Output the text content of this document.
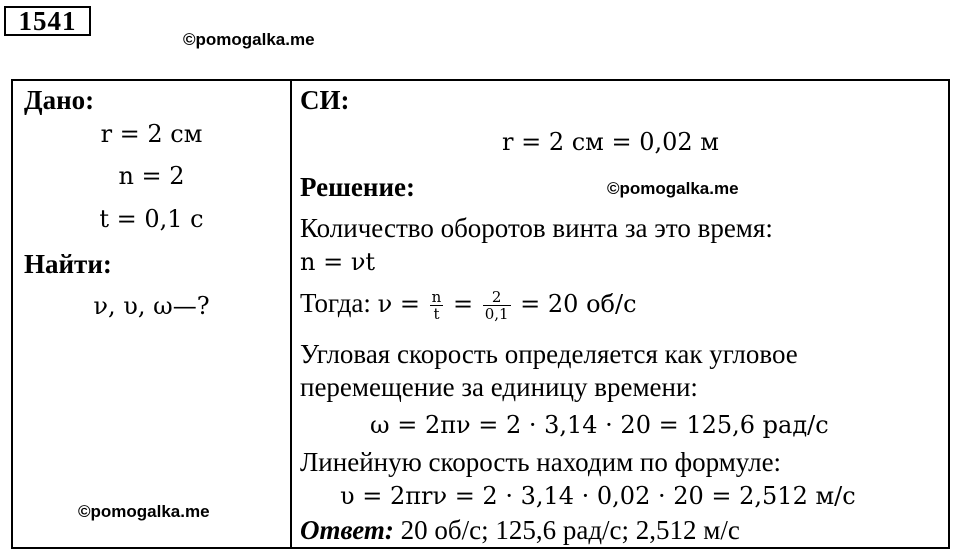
1541
©pomogalka.me
Дано:
r = 2 см
n = 2
t = 0,1 с
Найти:
ν, υ, ω—?
©pomogalka.me
СИ:
r = 2 см = 0,02 м
Решение:	©pomogalka.me
Количество оборотов винта за это время:
n = νt
Тогда: $\nu = \frac{n}{t} = \frac{2}{0,1} = 20$ об/с
Угловая скорость определяется как угловое
перемещение за единицу времени:
ω = 2πν = 2 · 3,14 · 20 = 125,6 рад/с
Линейную скорость находим по формуле:
υ = 2πrν = 2 · 3,14 · 0,02 · 20 = 2,512 м/с
Ответ: 20 об/с; 125,6 рад/с; 2,512 м/с
